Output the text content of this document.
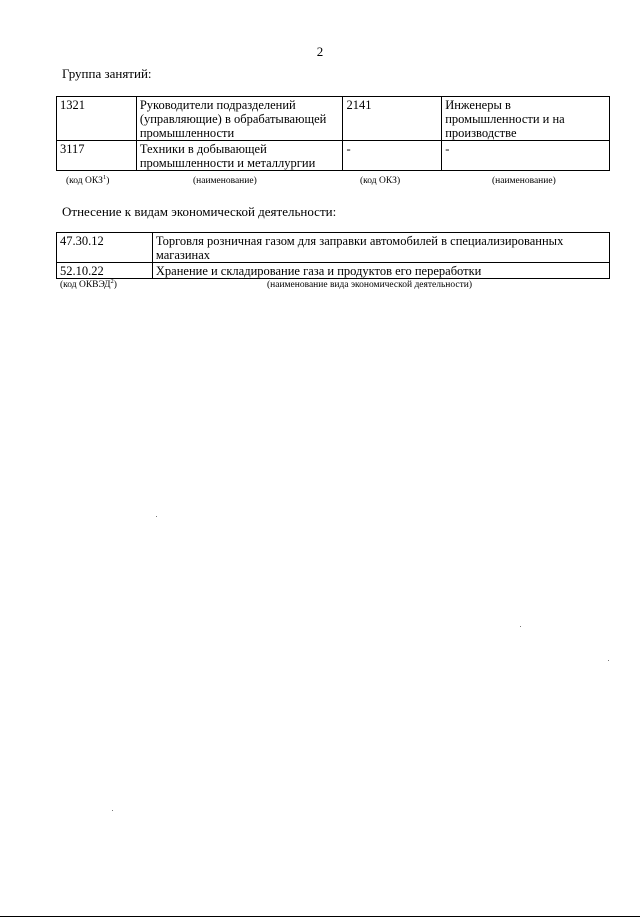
2
Группа занятий:
1321	Руководители подразделений (управляющие) в обрабатывающей промышленности	2141	Инженеры в промышленности и на производстве
3117	Техники в добывающей промышленности и металлургии	-	-
(код ОКЗ$^1$)	(наименование)	(код ОКЗ)	(наименование)
Отнесение к видам экономической деятельности:
47.30.12	Торговля розничная газом для заправки автомобилей в специализированных магазинах
52.10.22	Хранение и складирование газа и продуктов его переработки
(код ОКВЭД$^2$)	(наименование вида экономической деятельности)
